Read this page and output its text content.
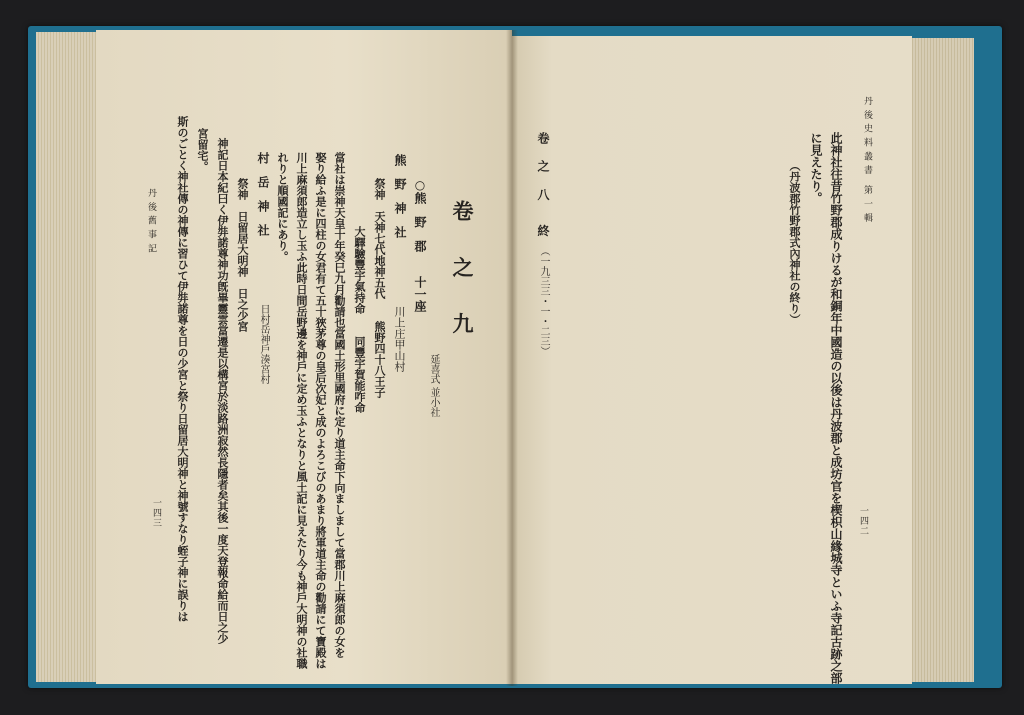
丹 後 史 料 叢 書　第 一 輯
此神社往昔竹野郡成りけるが和銅年中國造の以後は丹波郡と成坊官を楔枳山緣城寺といふ寺記古跡之部
に見えたり。
（丹波郡竹野郡式內神社の終り）
卷 之 八　終
（一九三三・一・二三）
一四二
卷 之 九
○熊　野　郡　　十一座
延喜式 並小社
熊　野　神　社
川上庄甲山村
祭神　天神七代地神五代　　熊野四十八王子
大驛驗豐宇氣持命　　同豐宇賀能咋命
當社は崇神天皇十年癸巳九月勸請也當國土形里國府に定り道主命下向ましまして當郡川上麻須郎の女を
娶り給ふ是に四柱の女君有て五十狹茅尊の皇后次妃と成のよろこびのあまり將軍道主命の勸請にて寶殿は
川上麻須郎造立し玉ふ此時日間岳野邊を神戶に定め玉ふとなりと風土記に見えたり今も神戶大明神の社職
れりと順國記にあり。
村　岳　神　社
日村岳神戶湊宮村
祭神　日留居大明神　日之少宮
神記日本紀曰く伊弉諾尊神功旣畢靈雲當遷是以構宮於淡路洲寂然長隱者矣其後一度天登報命給而日之少
宮留宅。
斯のごとく神社傳の神傳に習ひて伊弉諾尊を日の少宮と祭り日留居大明神と神號すなり蛭子神に誤りは
丹 後 舊 事 記
一四三
